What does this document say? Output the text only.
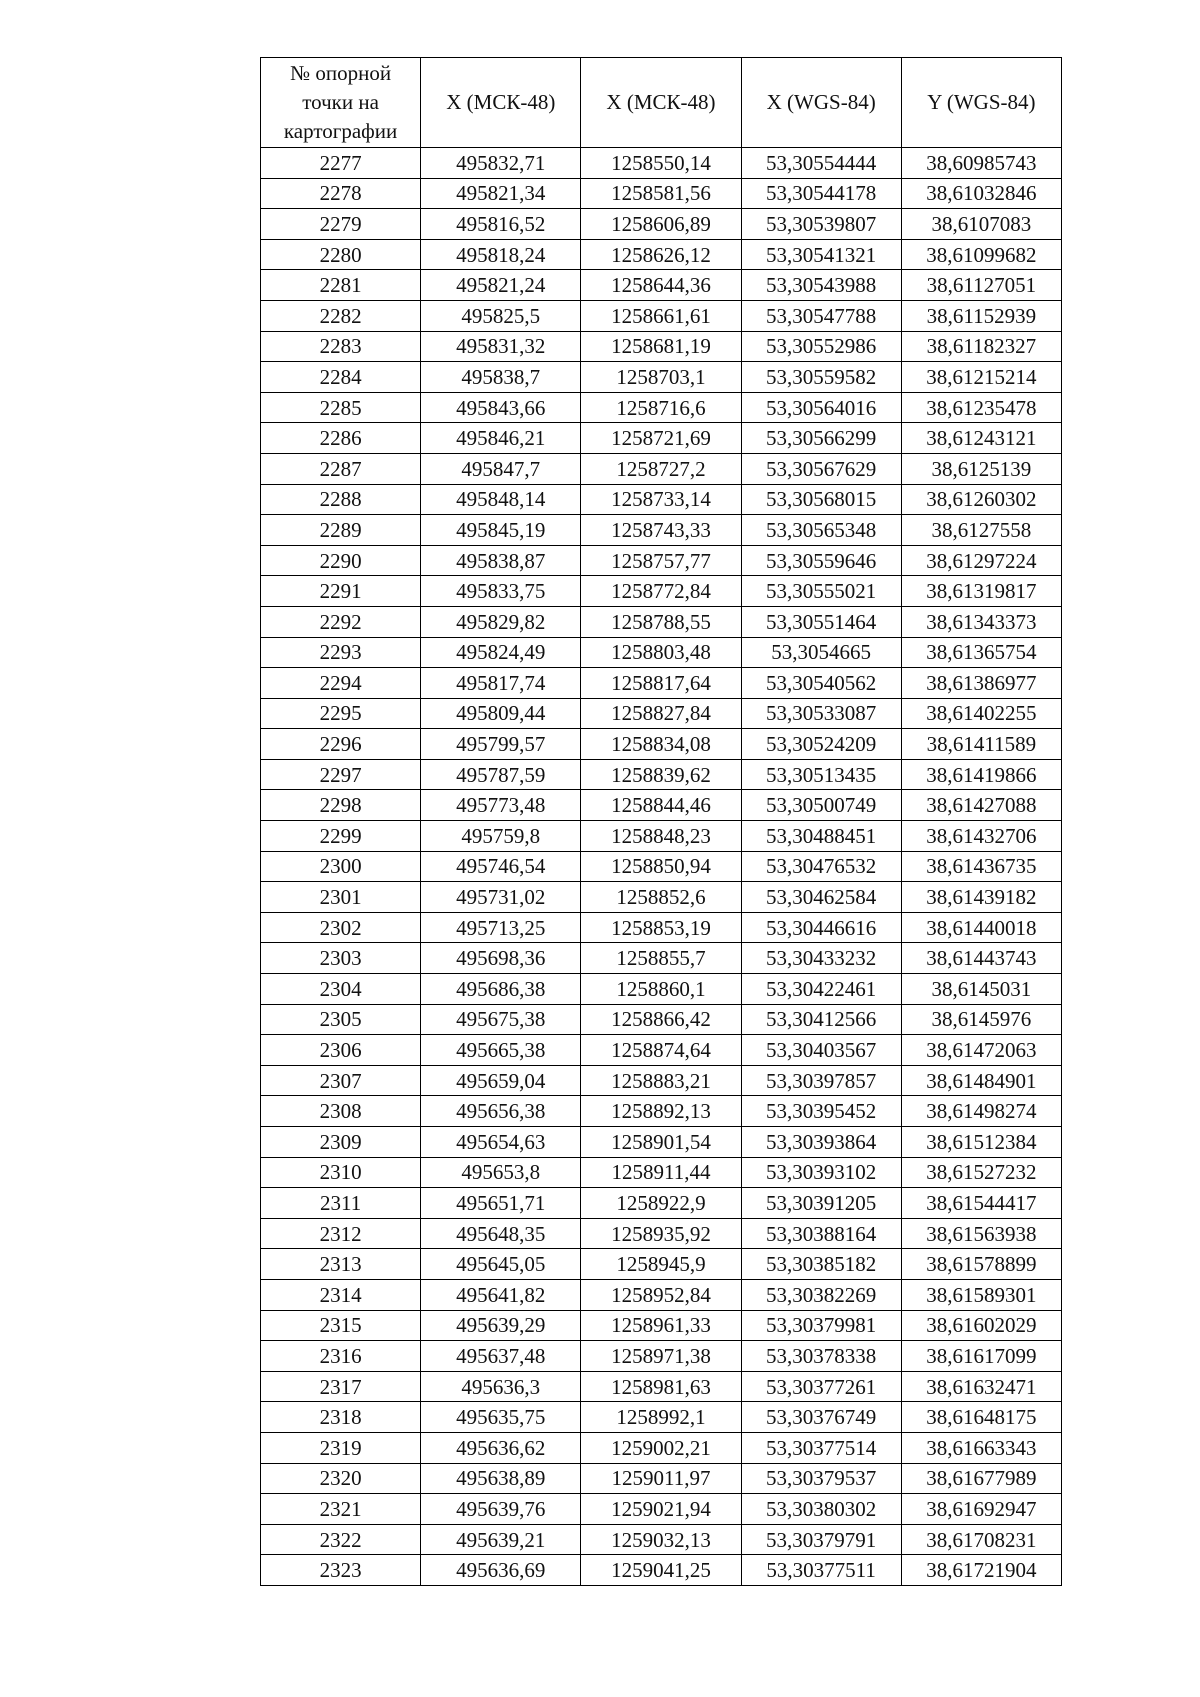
№ опорной
точки на
картографии	X (МСК-48)	X (МСК-48)	X (WGS-84)	Y (WGS-84)
2277	495832,71	1258550,14	53,30554444	38,60985743
2278	495821,34	1258581,56	53,30544178	38,61032846
2279	495816,52	1258606,89	53,30539807	38,6107083
2280	495818,24	1258626,12	53,30541321	38,61099682
2281	495821,24	1258644,36	53,30543988	38,61127051
2282	495825,5	1258661,61	53,30547788	38,61152939
2283	495831,32	1258681,19	53,30552986	38,61182327
2284	495838,7	1258703,1	53,30559582	38,61215214
2285	495843,66	1258716,6	53,30564016	38,61235478
2286	495846,21	1258721,69	53,30566299	38,61243121
2287	495847,7	1258727,2	53,30567629	38,6125139
2288	495848,14	1258733,14	53,30568015	38,61260302
2289	495845,19	1258743,33	53,30565348	38,6127558
2290	495838,87	1258757,77	53,30559646	38,61297224
2291	495833,75	1258772,84	53,30555021	38,61319817
2292	495829,82	1258788,55	53,30551464	38,61343373
2293	495824,49	1258803,48	53,3054665	38,61365754
2294	495817,74	1258817,64	53,30540562	38,61386977
2295	495809,44	1258827,84	53,30533087	38,61402255
2296	495799,57	1258834,08	53,30524209	38,61411589
2297	495787,59	1258839,62	53,30513435	38,61419866
2298	495773,48	1258844,46	53,30500749	38,61427088
2299	495759,8	1258848,23	53,30488451	38,61432706
2300	495746,54	1258850,94	53,30476532	38,61436735
2301	495731,02	1258852,6	53,30462584	38,61439182
2302	495713,25	1258853,19	53,30446616	38,61440018
2303	495698,36	1258855,7	53,30433232	38,61443743
2304	495686,38	1258860,1	53,30422461	38,6145031
2305	495675,38	1258866,42	53,30412566	38,6145976
2306	495665,38	1258874,64	53,30403567	38,61472063
2307	495659,04	1258883,21	53,30397857	38,61484901
2308	495656,38	1258892,13	53,30395452	38,61498274
2309	495654,63	1258901,54	53,30393864	38,61512384
2310	495653,8	1258911,44	53,30393102	38,61527232
2311	495651,71	1258922,9	53,30391205	38,61544417
2312	495648,35	1258935,92	53,30388164	38,61563938
2313	495645,05	1258945,9	53,30385182	38,61578899
2314	495641,82	1258952,84	53,30382269	38,61589301
2315	495639,29	1258961,33	53,30379981	38,61602029
2316	495637,48	1258971,38	53,30378338	38,61617099
2317	495636,3	1258981,63	53,30377261	38,61632471
2318	495635,75	1258992,1	53,30376749	38,61648175
2319	495636,62	1259002,21	53,30377514	38,61663343
2320	495638,89	1259011,97	53,30379537	38,61677989
2321	495639,76	1259021,94	53,30380302	38,61692947
2322	495639,21	1259032,13	53,30379791	38,61708231
2323	495636,69	1259041,25	53,30377511	38,61721904
